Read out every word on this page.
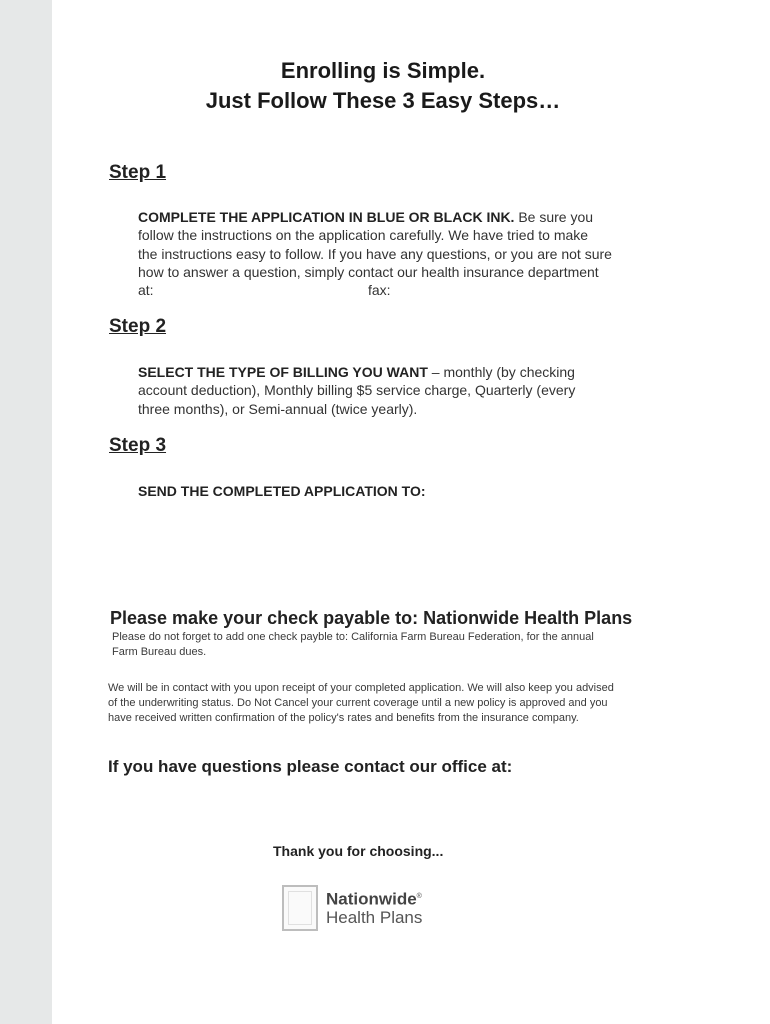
Enrolling is Simple.
Just Follow These 3 Easy Steps…
Step 1
COMPLETE THE APPLICATION IN BLUE OR BLACK INK. Be sure you
follow the instructions on the application carefully. We have tried to make
the instructions easy to follow. If you have any questions, or you are not sure
how to answer a question, simply contact our health insurance department
at:	fax:
Step 2
SELECT THE TYPE OF BILLING YOU WANT – monthly (by checking
account deduction), Monthly billing $5 service charge, Quarterly (every
three months), or Semi-annual (twice yearly).
Step 3
SEND THE COMPLETED APPLICATION TO:
Please make your check payable to: Nationwide Health Plans
Please do not forget to add one check payble to: California Farm Bureau Federation, for the annual
Farm Bureau dues.
We will be in contact with you upon receipt of your completed application. We will also keep you advised
of the underwriting status. Do Not Cancel your current coverage until a new policy is approved and you
have received written confirmation of the policy's rates and benefits from the insurance company.
If you have questions please contact our office at:
Thank you for choosing...
Nationwide®
Health Plans
